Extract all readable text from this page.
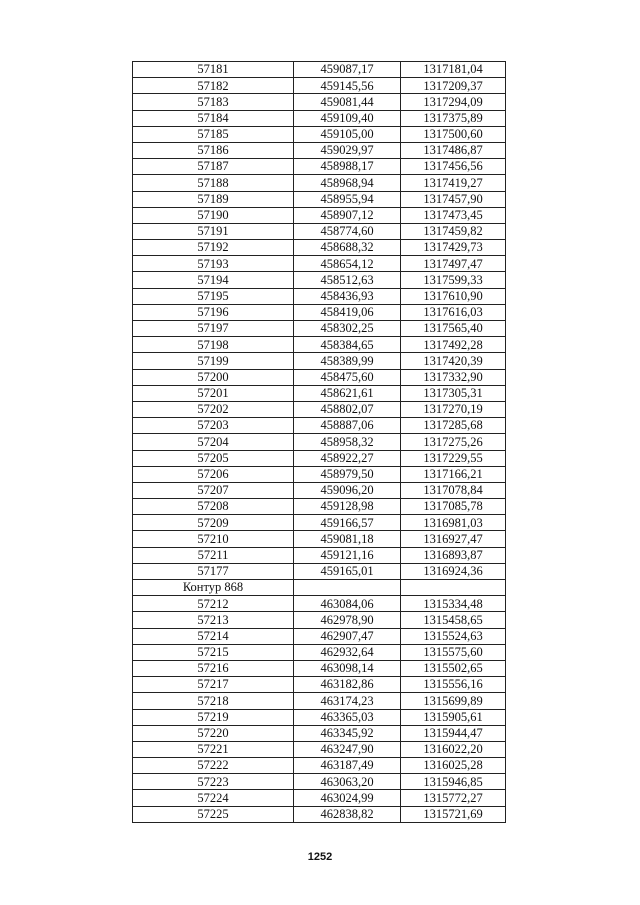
57181	459087,17	1317181,04
57182	459145,56	1317209,37
57183	459081,44	1317294,09
57184	459109,40	1317375,89
57185	459105,00	1317500,60
57186	459029,97	1317486,87
57187	458988,17	1317456,56
57188	458968,94	1317419,27
57189	458955,94	1317457,90
57190	458907,12	1317473,45
57191	458774,60	1317459,82
57192	458688,32	1317429,73
57193	458654,12	1317497,47
57194	458512,63	1317599,33
57195	458436,93	1317610,90
57196	458419,06	1317616,03
57197	458302,25	1317565,40
57198	458384,65	1317492,28
57199	458389,99	1317420,39
57200	458475,60	1317332,90
57201	458621,61	1317305,31
57202	458802,07	1317270,19
57203	458887,06	1317285,68
57204	458958,32	1317275,26
57205	458922,27	1317229,55
57206	458979,50	1317166,21
57207	459096,20	1317078,84
57208	459128,98	1317085,78
57209	459166,57	1316981,03
57210	459081,18	1316927,47
57211	459121,16	1316893,87
57177	459165,01	1316924,36
Контур 868		
57212	463084,06	1315334,48
57213	462978,90	1315458,65
57214	462907,47	1315524,63
57215	462932,64	1315575,60
57216	463098,14	1315502,65
57217	463182,86	1315556,16
57218	463174,23	1315699,89
57219	463365,03	1315905,61
57220	463345,92	1315944,47
57221	463247,90	1316022,20
57222	463187,49	1316025,28
57223	463063,20	1315946,85
57224	463024,99	1315772,27
57225	462838,82	1315721,69
1252
